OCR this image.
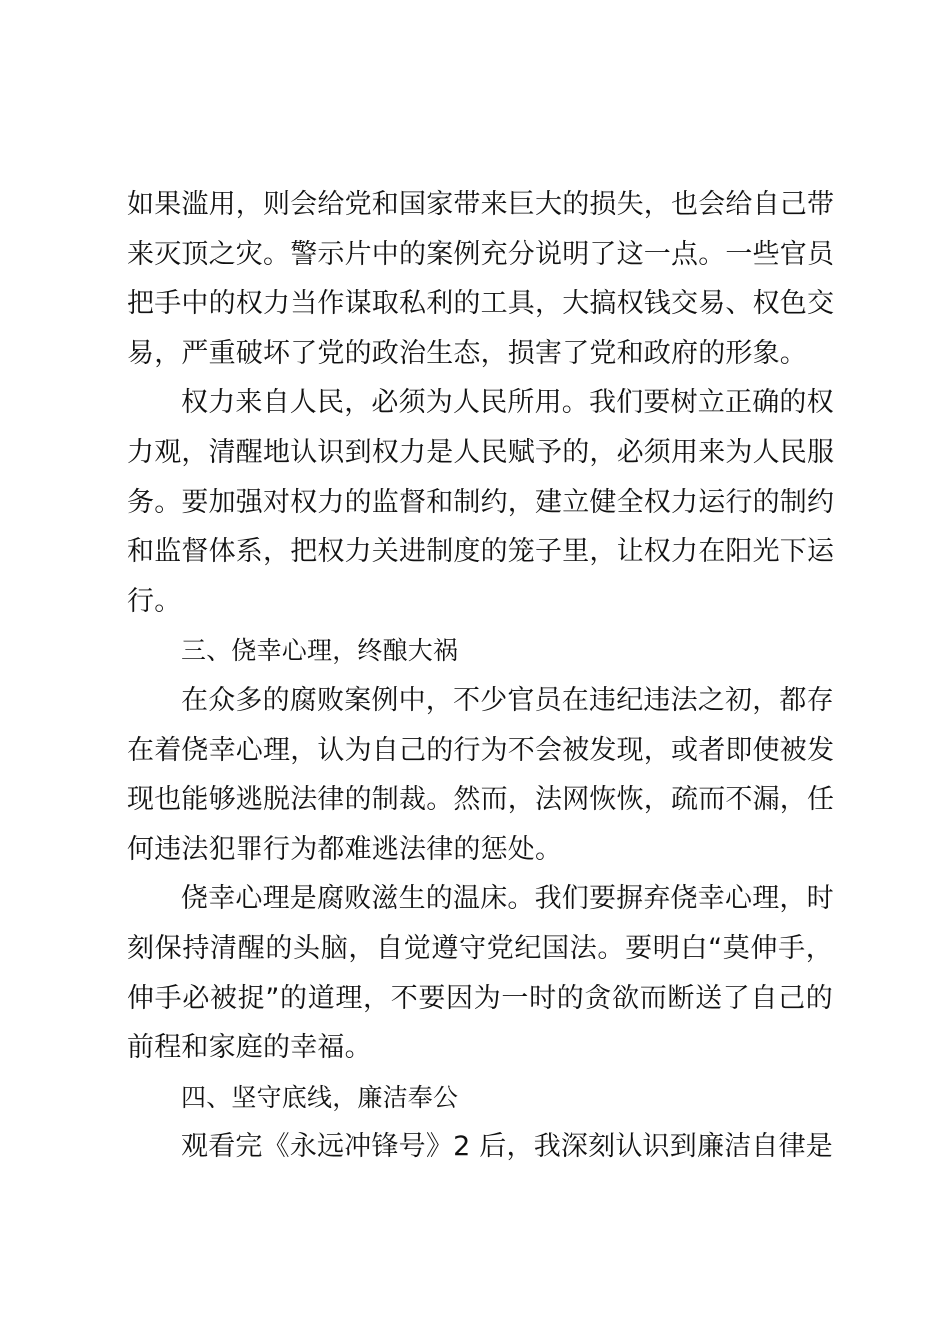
如果滥用，则会给党和国家带来巨大的损失，也会给自己带
来灭顶之灾。警示片中的案例充分说明了这一点。一些官员
把手中的权力当作谋取私利的工具，大搞权钱交易、权色交
易，严重破坏了党的政治生态，损害了党和政府的形象。
权力来自人民，必须为人民所用。我们要树立正确的权
力观，清醒地认识到权力是人民赋予的，必须用来为人民服
务。要加强对权力的监督和制约，建立健全权力运行的制约
和监督体系，把权力关进制度的笼子里，让权力在阳光下运
行。
三、侥幸心理，终酿大祸
在众多的腐败案例中，不少官员在违纪违法之初，都存
在着侥幸心理，认为自己的行为不会被发现，或者即使被发
现也能够逃脱法律的制裁。然而，法网恢恢，疏而不漏，任
何违法犯罪行为都难逃法律的惩处。
侥幸心理是腐败滋生的温床。我们要摒弃侥幸心理，时
刻保持清醒的头脑，自觉遵守党纪国法。要明白“莫伸手，
伸手必被捉”的道理，不要因为一时的贪欲而断送了自己的
前程和家庭的幸福。
四、坚守底线，廉洁奉公
观看完《永远冲锋号》2 后，我深刻认识到廉洁自律是
